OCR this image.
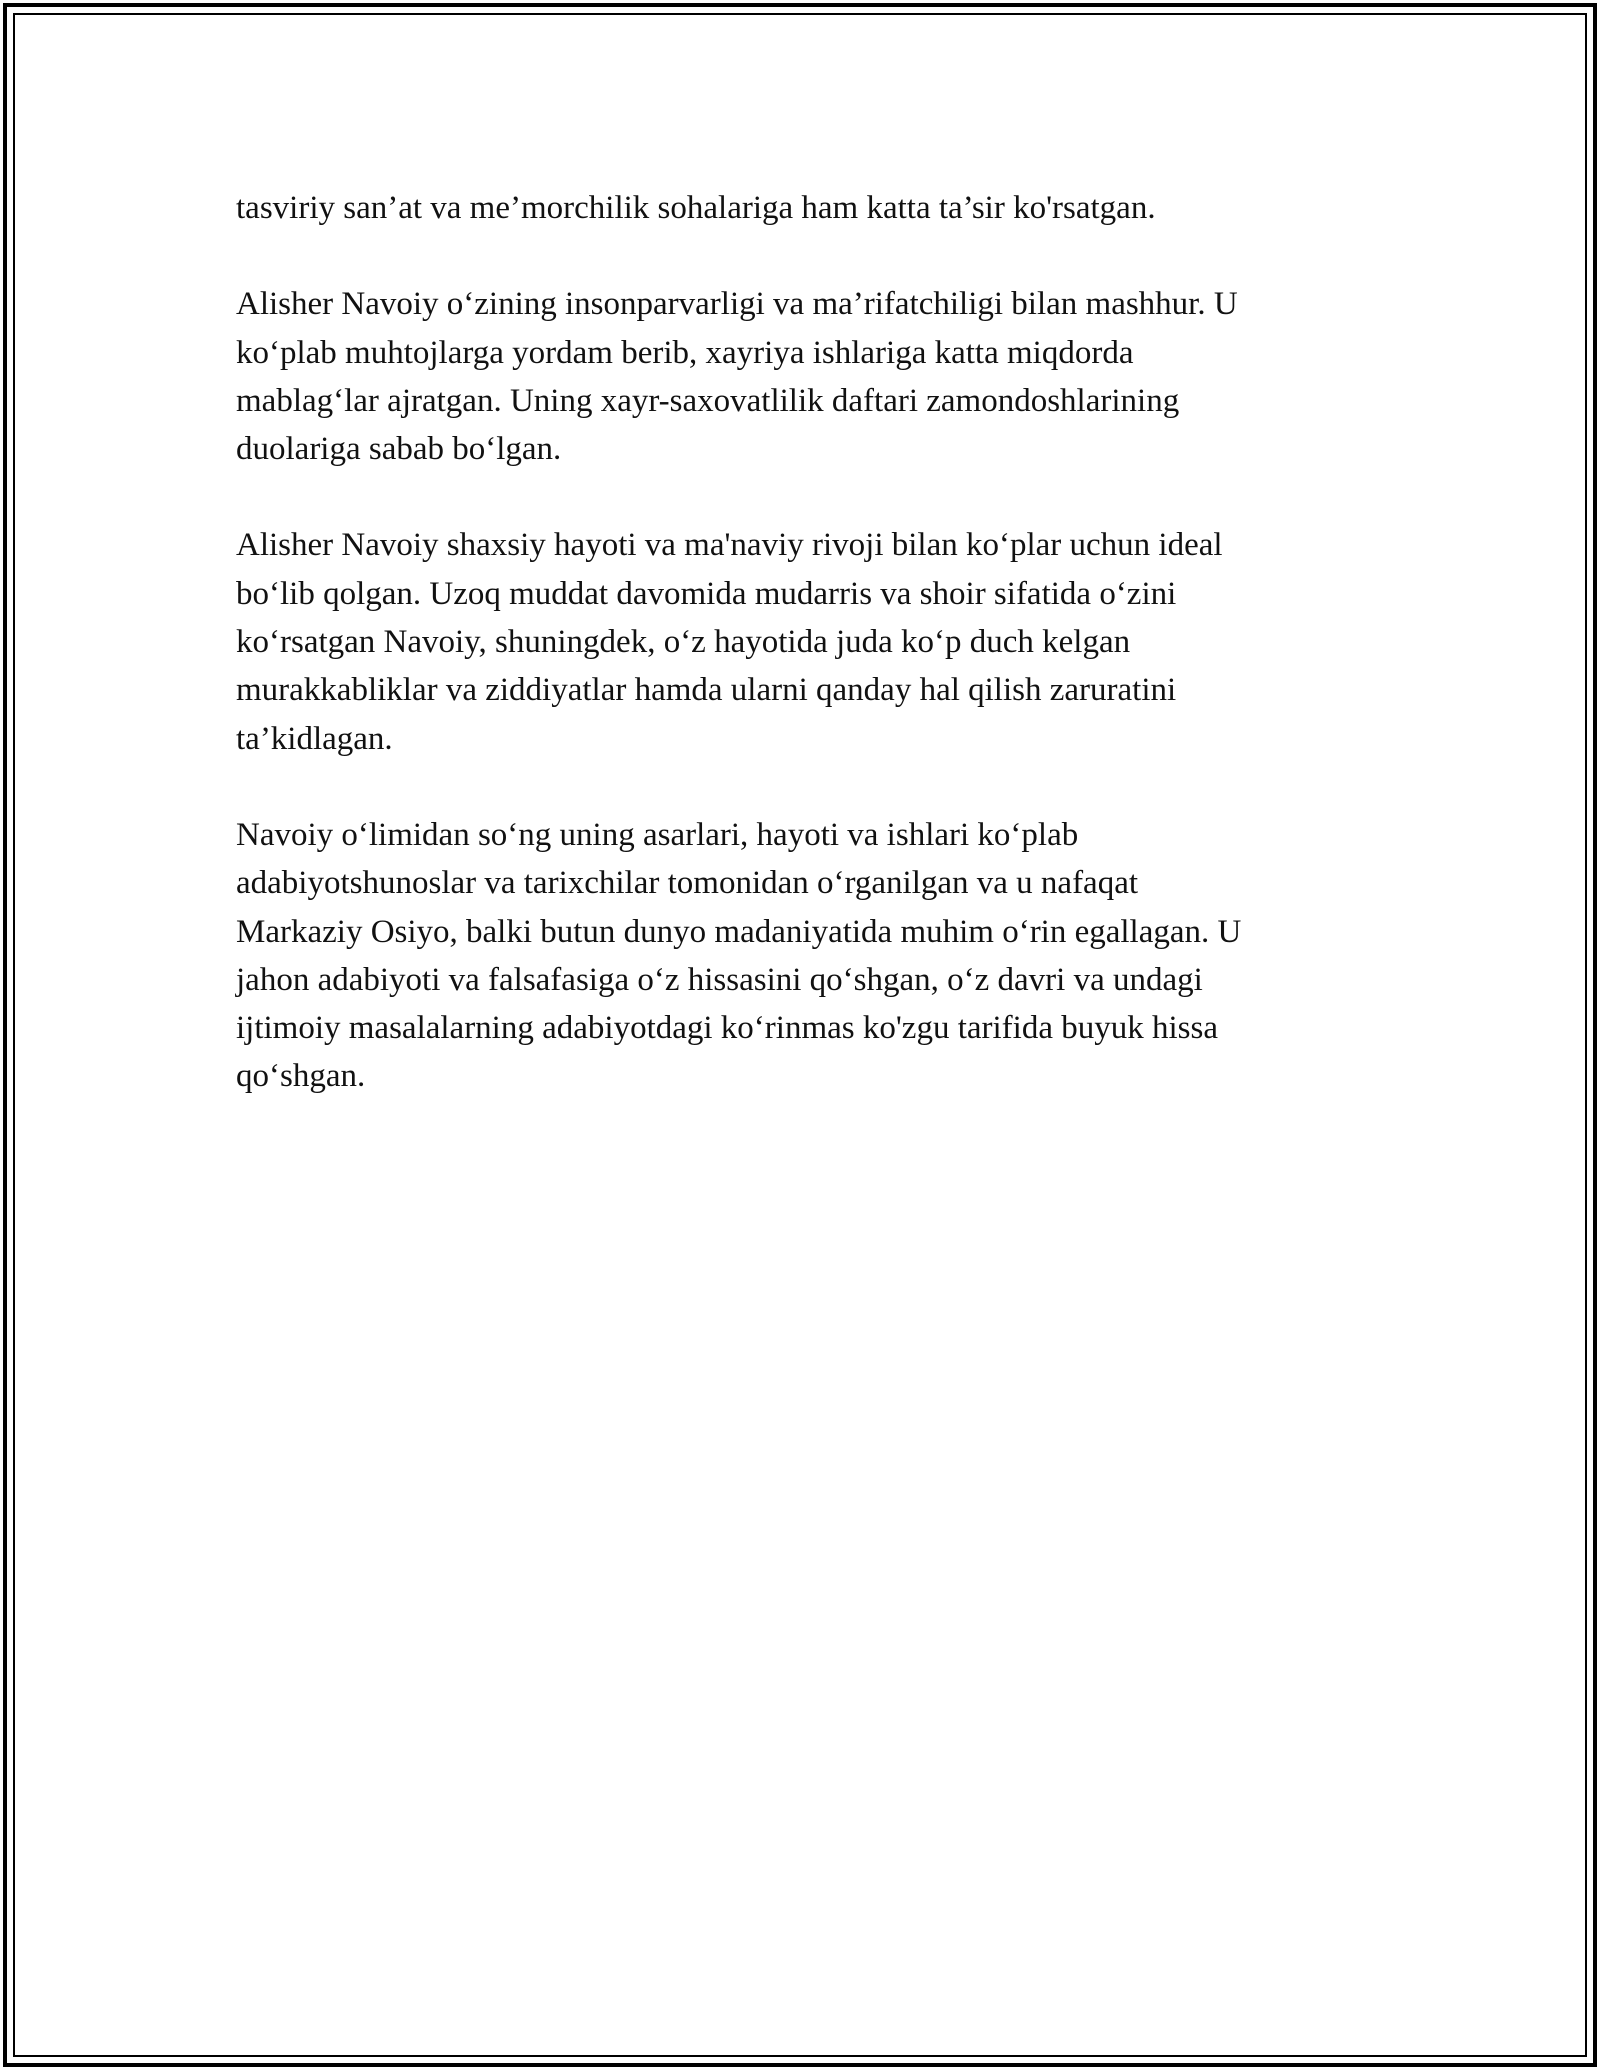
tasviriy san’at va me’morchilik sohalariga ham katta ta’sir ko'rsatgan.

Alisher Navoiy o‘zining insonparvarligi va ma’rifatchiligi bilan mashhur. U
ko‘plab muhtojlarga yordam berib, xayriya ishlariga katta miqdorda
mablag‘lar ajratgan. Uning xayr-saxovatlilik daftari zamondoshlarining
duolariga sabab bo‘lgan.

Alisher Navoiy shaxsiy hayoti va ma'naviy rivoji bilan ko‘plar uchun ideal
bo‘lib qolgan. Uzoq muddat davomida mudarris va shoir sifatida o‘zini
ko‘rsatgan Navoiy, shuningdek, o‘z hayotida juda ko‘p duch kelgan
murakkabliklar va ziddiyatlar hamda ularni qanday hal qilish zaruratini
ta’kidlagan.

Navoiy o‘limidan so‘ng uning asarlari, hayoti va ishlari ko‘plab
adabiyotshunoslar va tarixchilar tomonidan o‘rganilgan va u nafaqat
Markaziy Osiyo, balki butun dunyo madaniyatida muhim o‘rin egallagan. U
jahon adabiyoti va falsafasiga o‘z hissasini qo‘shgan, o‘z davri va undagi
ijtimoiy masalalarning adabiyotdagi ko‘rinmas ko'zgu tarifida buyuk hissa
qo‘shgan.
